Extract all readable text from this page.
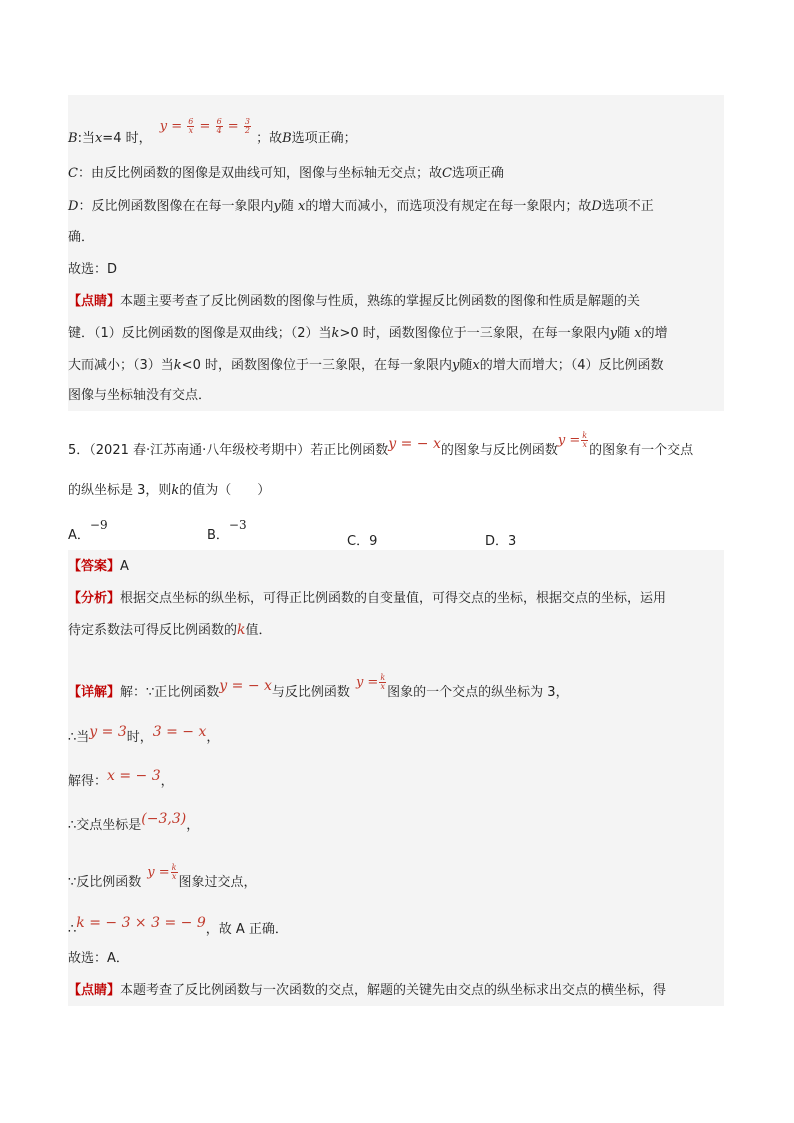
B:当x=4 时， $y = \frac{6}{x} = \frac{6}{4} = \frac{3}{2}$
；故B选项正确；
C：由反比例函数的图像是双曲线可知，图像与坐标轴无交点；故C选项正确
D：反比例函数图像在在每一象限内y随 x的增大而减小，而选项没有规定在每一象限内；故D选项不正
确．
故选：D
【点睛】本题主要考查了反比例函数的图像与性质，熟练的掌握反比例函数的图像和性质是解题的关
键．（1）反比例函数的图像是双曲线；（2）当k>0 时，函数图像位于一三象限，在每一象限内y随 x的增
大而减小；（3）当k<0 时，函数图像位于一三象限，在每一象限内y随x的增大而增大；（4）反比例函数
图像与坐标轴没有交点．
5．（2021 春·江苏南通·八年级校考期中）若正比例函数y = − x的图象与反比例函数$y = \frac{k}{x}$
的图象有一个交点
的纵坐标是 3，则k的值为（　　）
A．−9
B．−3
C．9	D．3
【答案】A
【分析】根据交点坐标的纵坐标，可得正比例函数的自变量值，可得交点的坐标，根据交点的坐标，运用
待定系数法可得反比例函数的k值．
【详解】解：∵正比例函数y = − x与反比例函数$y = \frac{k}{x}$
图象的一个交点的纵坐标为 3，
∴当y = 3时，3 = − x，
解得：x = − 3，
∴交点坐标是(−3,3)，
∵反比例函数$y = \frac{k}{x}$
图象过交点，
∴k = − 3 × 3 = − 9，故 A 正确．
故选：A．
【点睛】本题考查了反比例函数与一次函数的交点，解题的关键先由交点的纵坐标求出交点的横坐标，得
